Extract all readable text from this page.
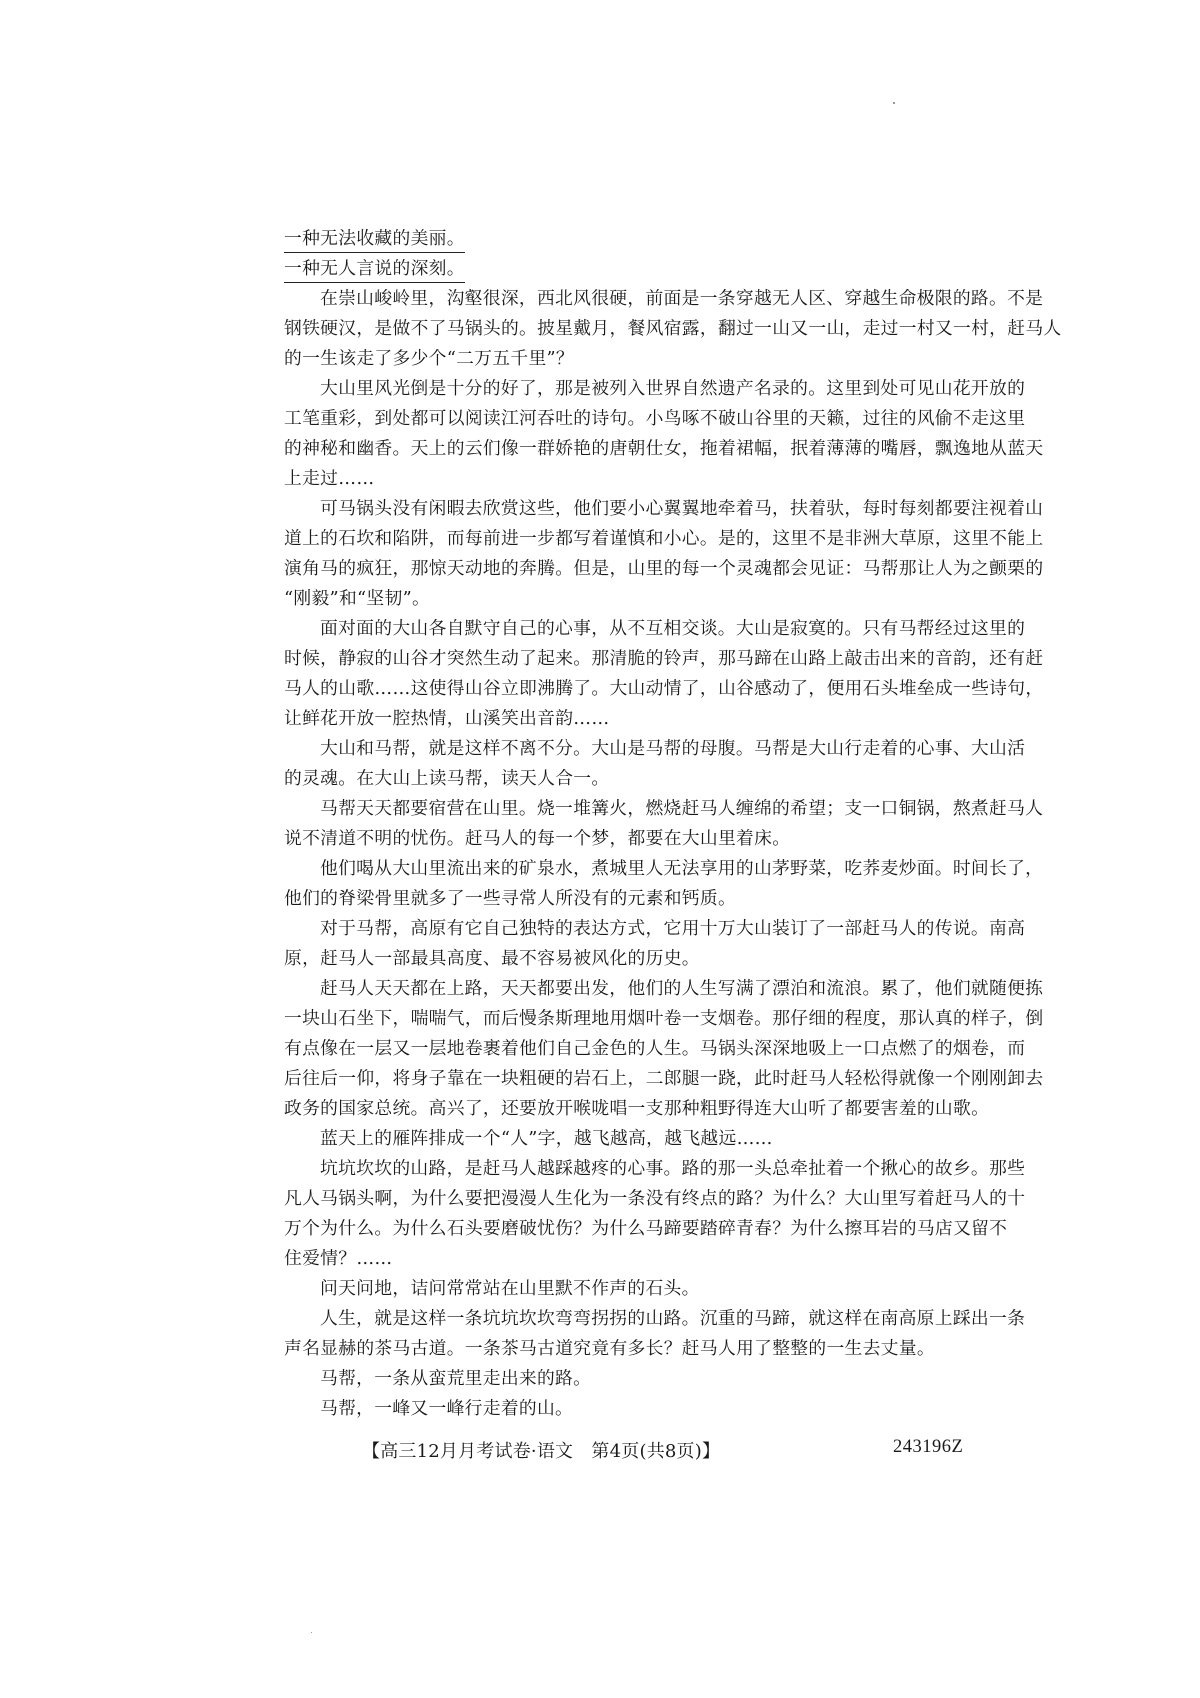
一种无法收藏的美丽。
一种无人言说的深刻。
在崇山峻岭里，沟壑很深，西北风很硬，前面是一条穿越无人区、穿越生命极限的路。不是
钢铁硬汉，是做不了马锅头的。披星戴月，餐风宿露，翻过一山又一山，走过一村又一村，赶马人
的一生该走了多少个“二万五千里”？
大山里风光倒是十分的好了，那是被列入世界自然遗产名录的。这里到处可见山花开放的
工笔重彩，到处都可以阅读江河吞吐的诗句。小鸟啄不破山谷里的天籁，过往的风偷不走这里
的神秘和幽香。天上的云们像一群娇艳的唐朝仕女，拖着裙幅，抿着薄薄的嘴唇，飘逸地从蓝天
上走过……
可马锅头没有闲暇去欣赏这些，他们要小心翼翼地牵着马，扶着驮，每时每刻都要注视着山
道上的石坎和陷阱，而每前进一步都写着谨慎和小心。是的，这里不是非洲大草原，这里不能上
演角马的疯狂，那惊天动地的奔腾。但是，山里的每一个灵魂都会见证：马帮那让人为之颤栗的
“刚毅”和“坚韧”。
面对面的大山各自默守自己的心事，从不互相交谈。大山是寂寞的。只有马帮经过这里的
时候，静寂的山谷才突然生动了起来。那清脆的铃声，那马蹄在山路上敲击出来的音韵，还有赶
马人的山歌……这使得山谷立即沸腾了。大山动情了，山谷感动了，便用石头堆垒成一些诗句，
让鲜花开放一腔热情，山溪笑出音韵……
大山和马帮，就是这样不离不分。大山是马帮的母腹。马帮是大山行走着的心事、大山活
的灵魂。在大山上读马帮，读天人合一。
马帮天天都要宿营在山里。烧一堆篝火，燃烧赶马人缠绵的希望；支一口铜锅，熬煮赶马人
说不清道不明的忧伤。赶马人的每一个梦，都要在大山里着床。
他们喝从大山里流出来的矿泉水，煮城里人无法享用的山茅野菜，吃荞麦炒面。时间长了，
他们的脊梁骨里就多了一些寻常人所没有的元素和钙质。
对于马帮，高原有它自己独特的表达方式，它用十万大山装订了一部赶马人的传说。南高
原，赶马人一部最具高度、最不容易被风化的历史。
赶马人天天都在上路，天天都要出发，他们的人生写满了漂泊和流浪。累了，他们就随便拣
一块山石坐下，喘喘气，而后慢条斯理地用烟叶卷一支烟卷。那仔细的程度，那认真的样子，倒
有点像在一层又一层地卷裹着他们自己金色的人生。马锅头深深地吸上一口点燃了的烟卷，而
后往后一仰，将身子靠在一块粗硬的岩石上，二郎腿一跷，此时赶马人轻松得就像一个刚刚卸去
政务的国家总统。高兴了，还要放开喉咙唱一支那种粗野得连大山听了都要害羞的山歌。
蓝天上的雁阵排成一个“人”字，越飞越高，越飞越远……
坑坑坎坎的山路，是赶马人越踩越疼的心事。路的那一头总牵扯着一个揪心的故乡。那些
凡人马锅头啊，为什么要把漫漫人生化为一条没有终点的路？为什么？大山里写着赶马人的十
万个为什么。为什么石头要磨破忧伤？为什么马蹄要踏碎青春？为什么擦耳岩的马店又留不
住爱情？……
问天问地，诘问常常站在山里默不作声的石头。
人生，就是这样一条坑坑坎坎弯弯拐拐的山路。沉重的马蹄，就这样在南高原上踩出一条
声名显赫的茶马古道。一条茶马古道究竟有多长？赶马人用了整整的一生去丈量。
马帮，一条从蛮荒里走出来的路。
马帮，一峰又一峰行走着的山。
【高三12月月考试卷·语文　第4页(共8页)】	243196Z
